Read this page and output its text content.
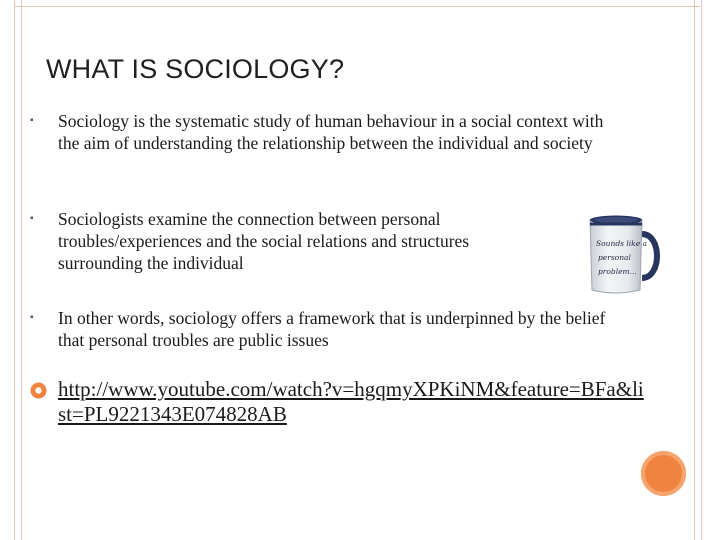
WHAT IS SOCIOLOGY?
▪	Sociology is the systematic study of human behaviour in a social context with the aim of understanding the relationship between the individual and society
▪	Sociologists examine the connection between personal troubles/experiences and the social relations and structures surrounding the individual
▪	In other words, sociology offers a framework that is underpinned by the belief that personal troubles are public issues
http://www.youtube.com/watch?v=hgqmyXPKiNM&feature=BFa&list=PL9221343E074828AB
Sounds like a personal problem...
